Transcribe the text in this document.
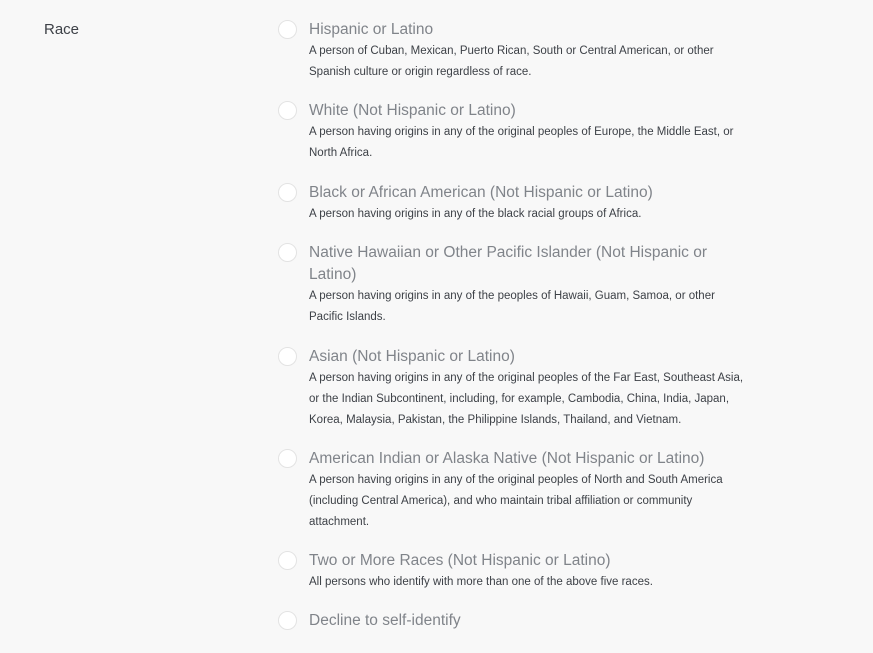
Race	Hispanic or Latino
A person of Cuban, Mexican, Puerto Rican, South or Central American, or other Spanish culture or origin regardless of race.
White (Not Hispanic or Latino)
A person having origins in any of the original peoples of Europe, the Middle East, or North Africa.
Black or African American (Not Hispanic or Latino)
A person having origins in any of the black racial groups of Africa.
Native Hawaiian or Other Pacific Islander (Not Hispanic or Latino)
A person having origins in any of the peoples of Hawaii, Guam, Samoa, or other Pacific Islands.
Asian (Not Hispanic or Latino)
A person having origins in any of the original peoples of the Far East, Southeast Asia, or the Indian Subcontinent, including, for example, Cambodia, China, India, Japan, Korea, Malaysia, Pakistan, the Philippine Islands, Thailand, and Vietnam.
American Indian or Alaska Native (Not Hispanic or Latino)
A person having origins in any of the original peoples of North and South America (including Central America), and who maintain tribal affiliation or community attachment.
Two or More Races (Not Hispanic or Latino)
All persons who identify with more than one of the above five races.
Decline to self-identify
